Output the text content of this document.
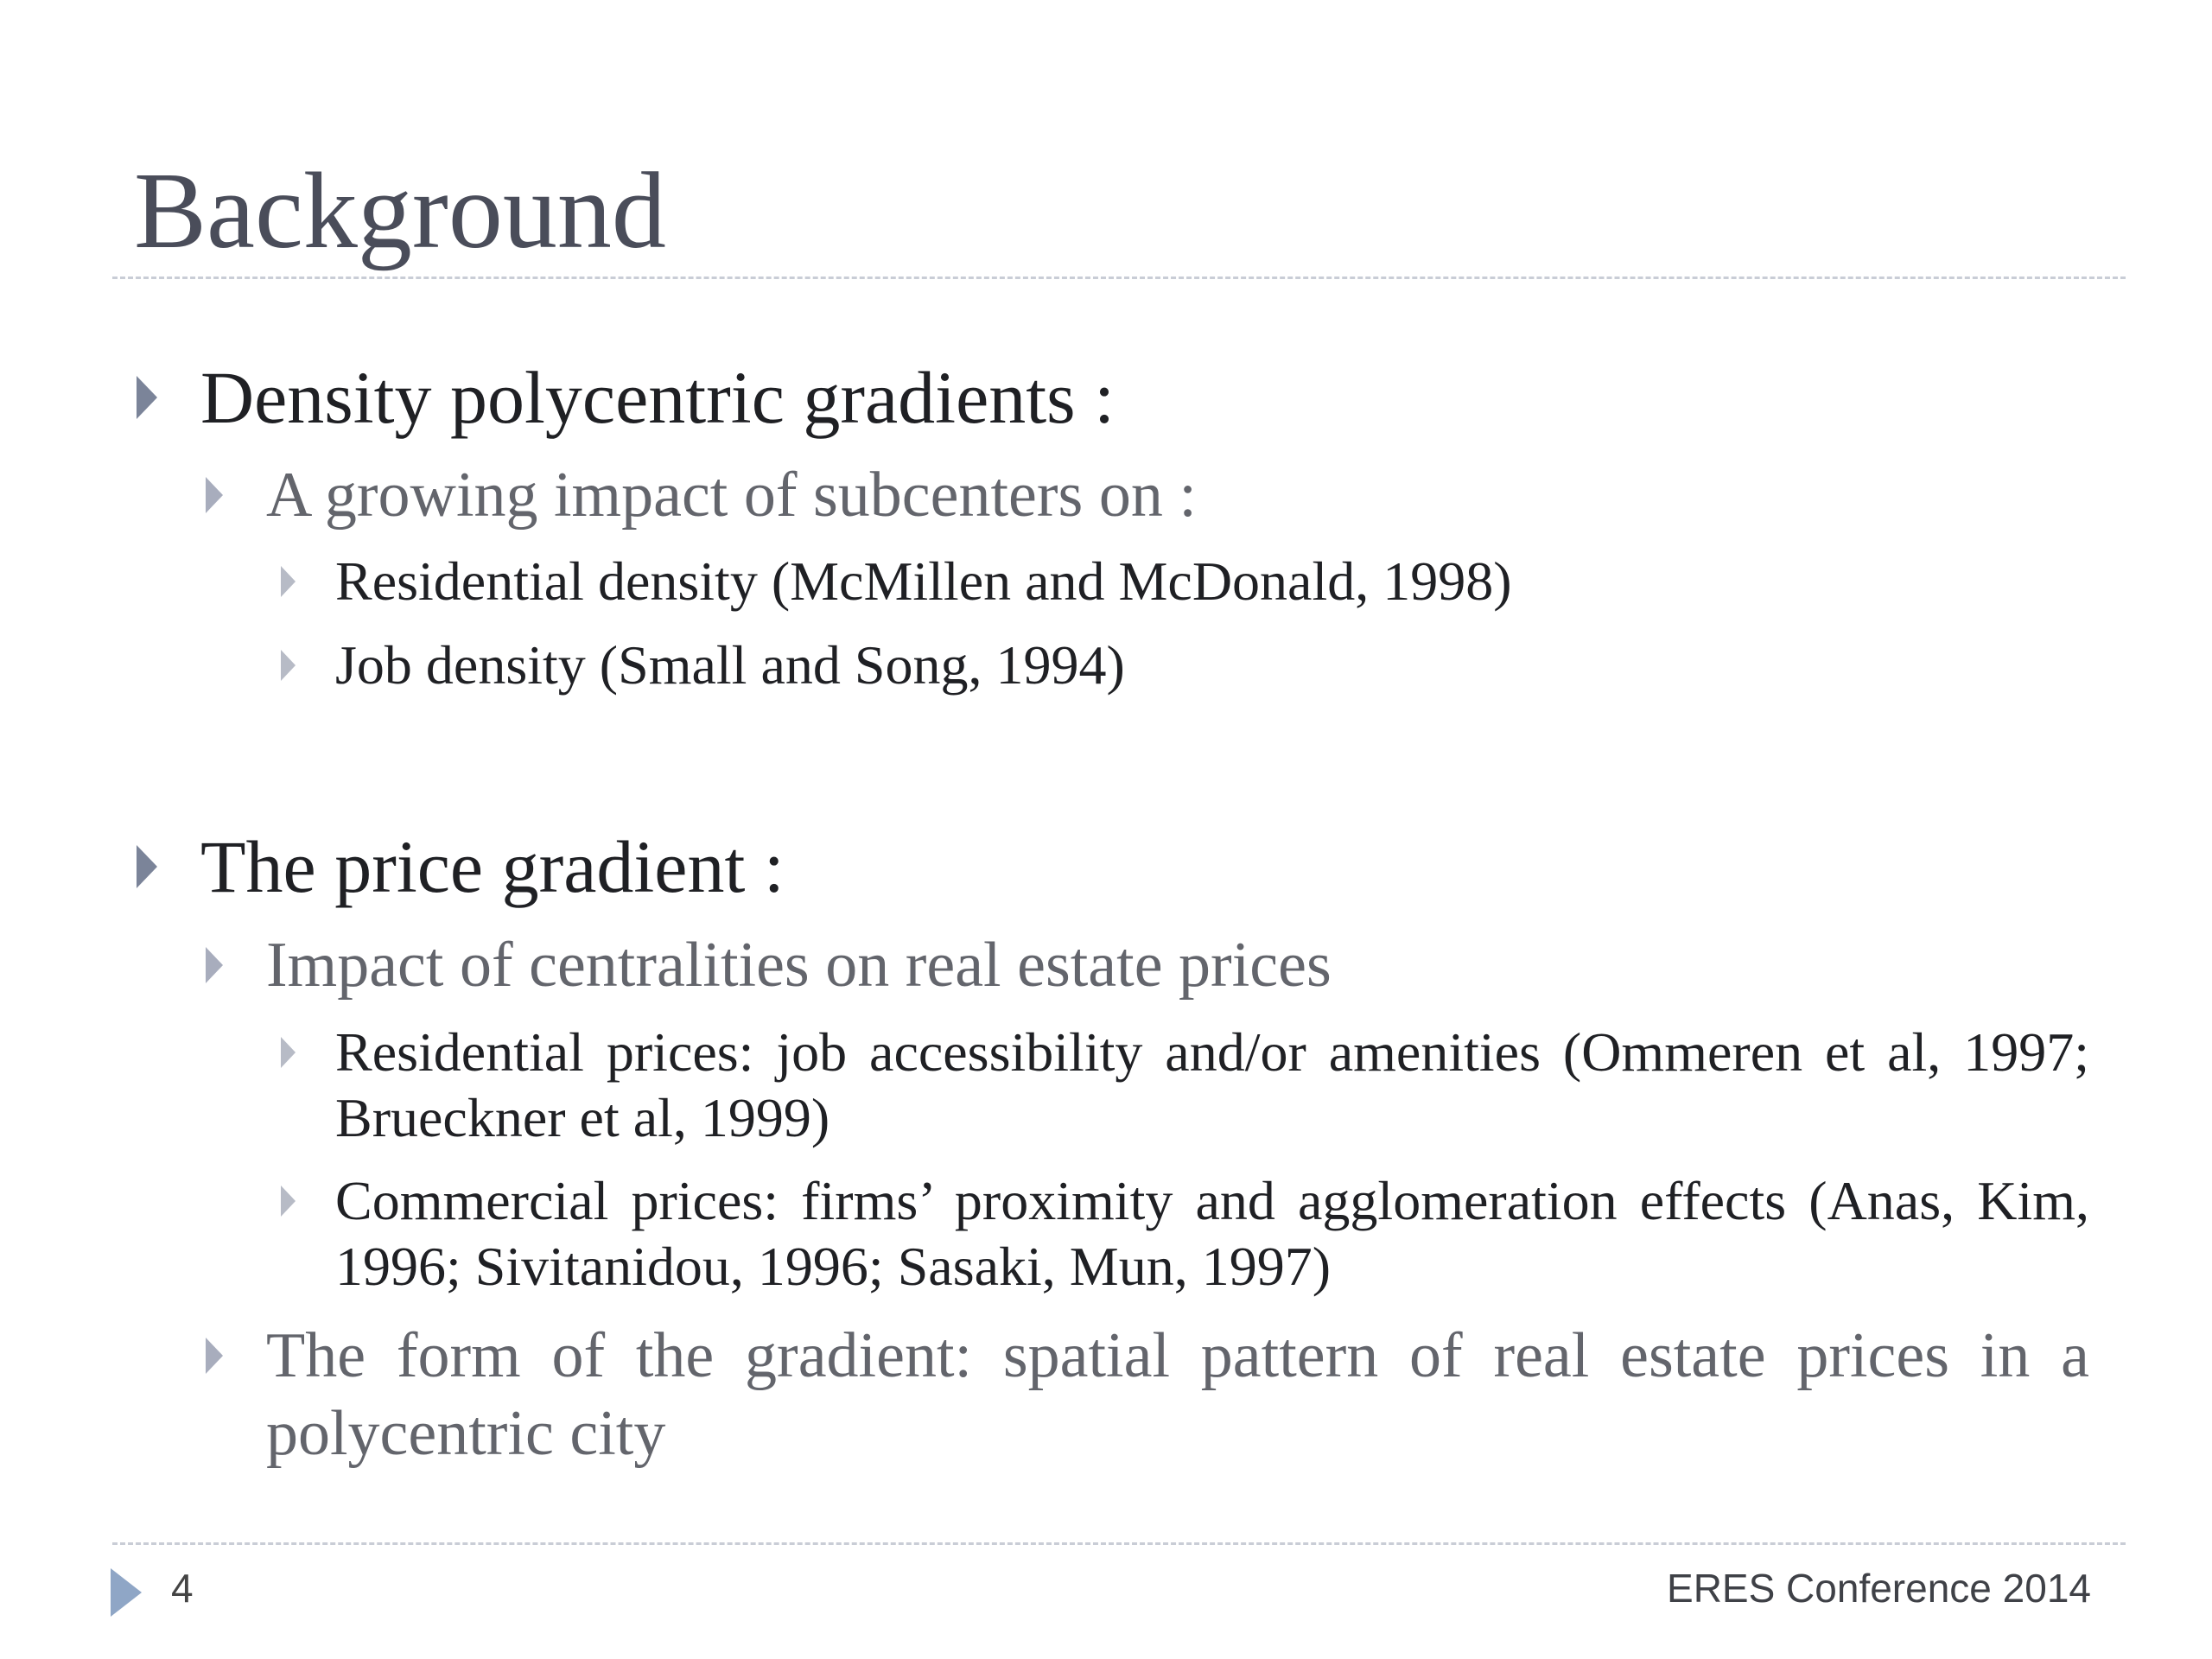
Background
Density polycentric gradients :
A growing impact of subcenters on :
Residential density (McMillen and McDonald, 1998)
Job density (Small and Song, 1994)
The price gradient :
Impact of centralities on real estate prices
Residential prices: job accessibility and/or amenities (Ommeren et al, 1997; Brueckner et al, 1999)
Commercial prices: firms’ proximity and agglomeration effects (Anas, Kim, 1996; Sivitanidou, 1996; Sasaki, Mun, 1997)
The form of the gradient: spatial pattern of real estate prices in a polycentric city
4	ERES Conference 2014
